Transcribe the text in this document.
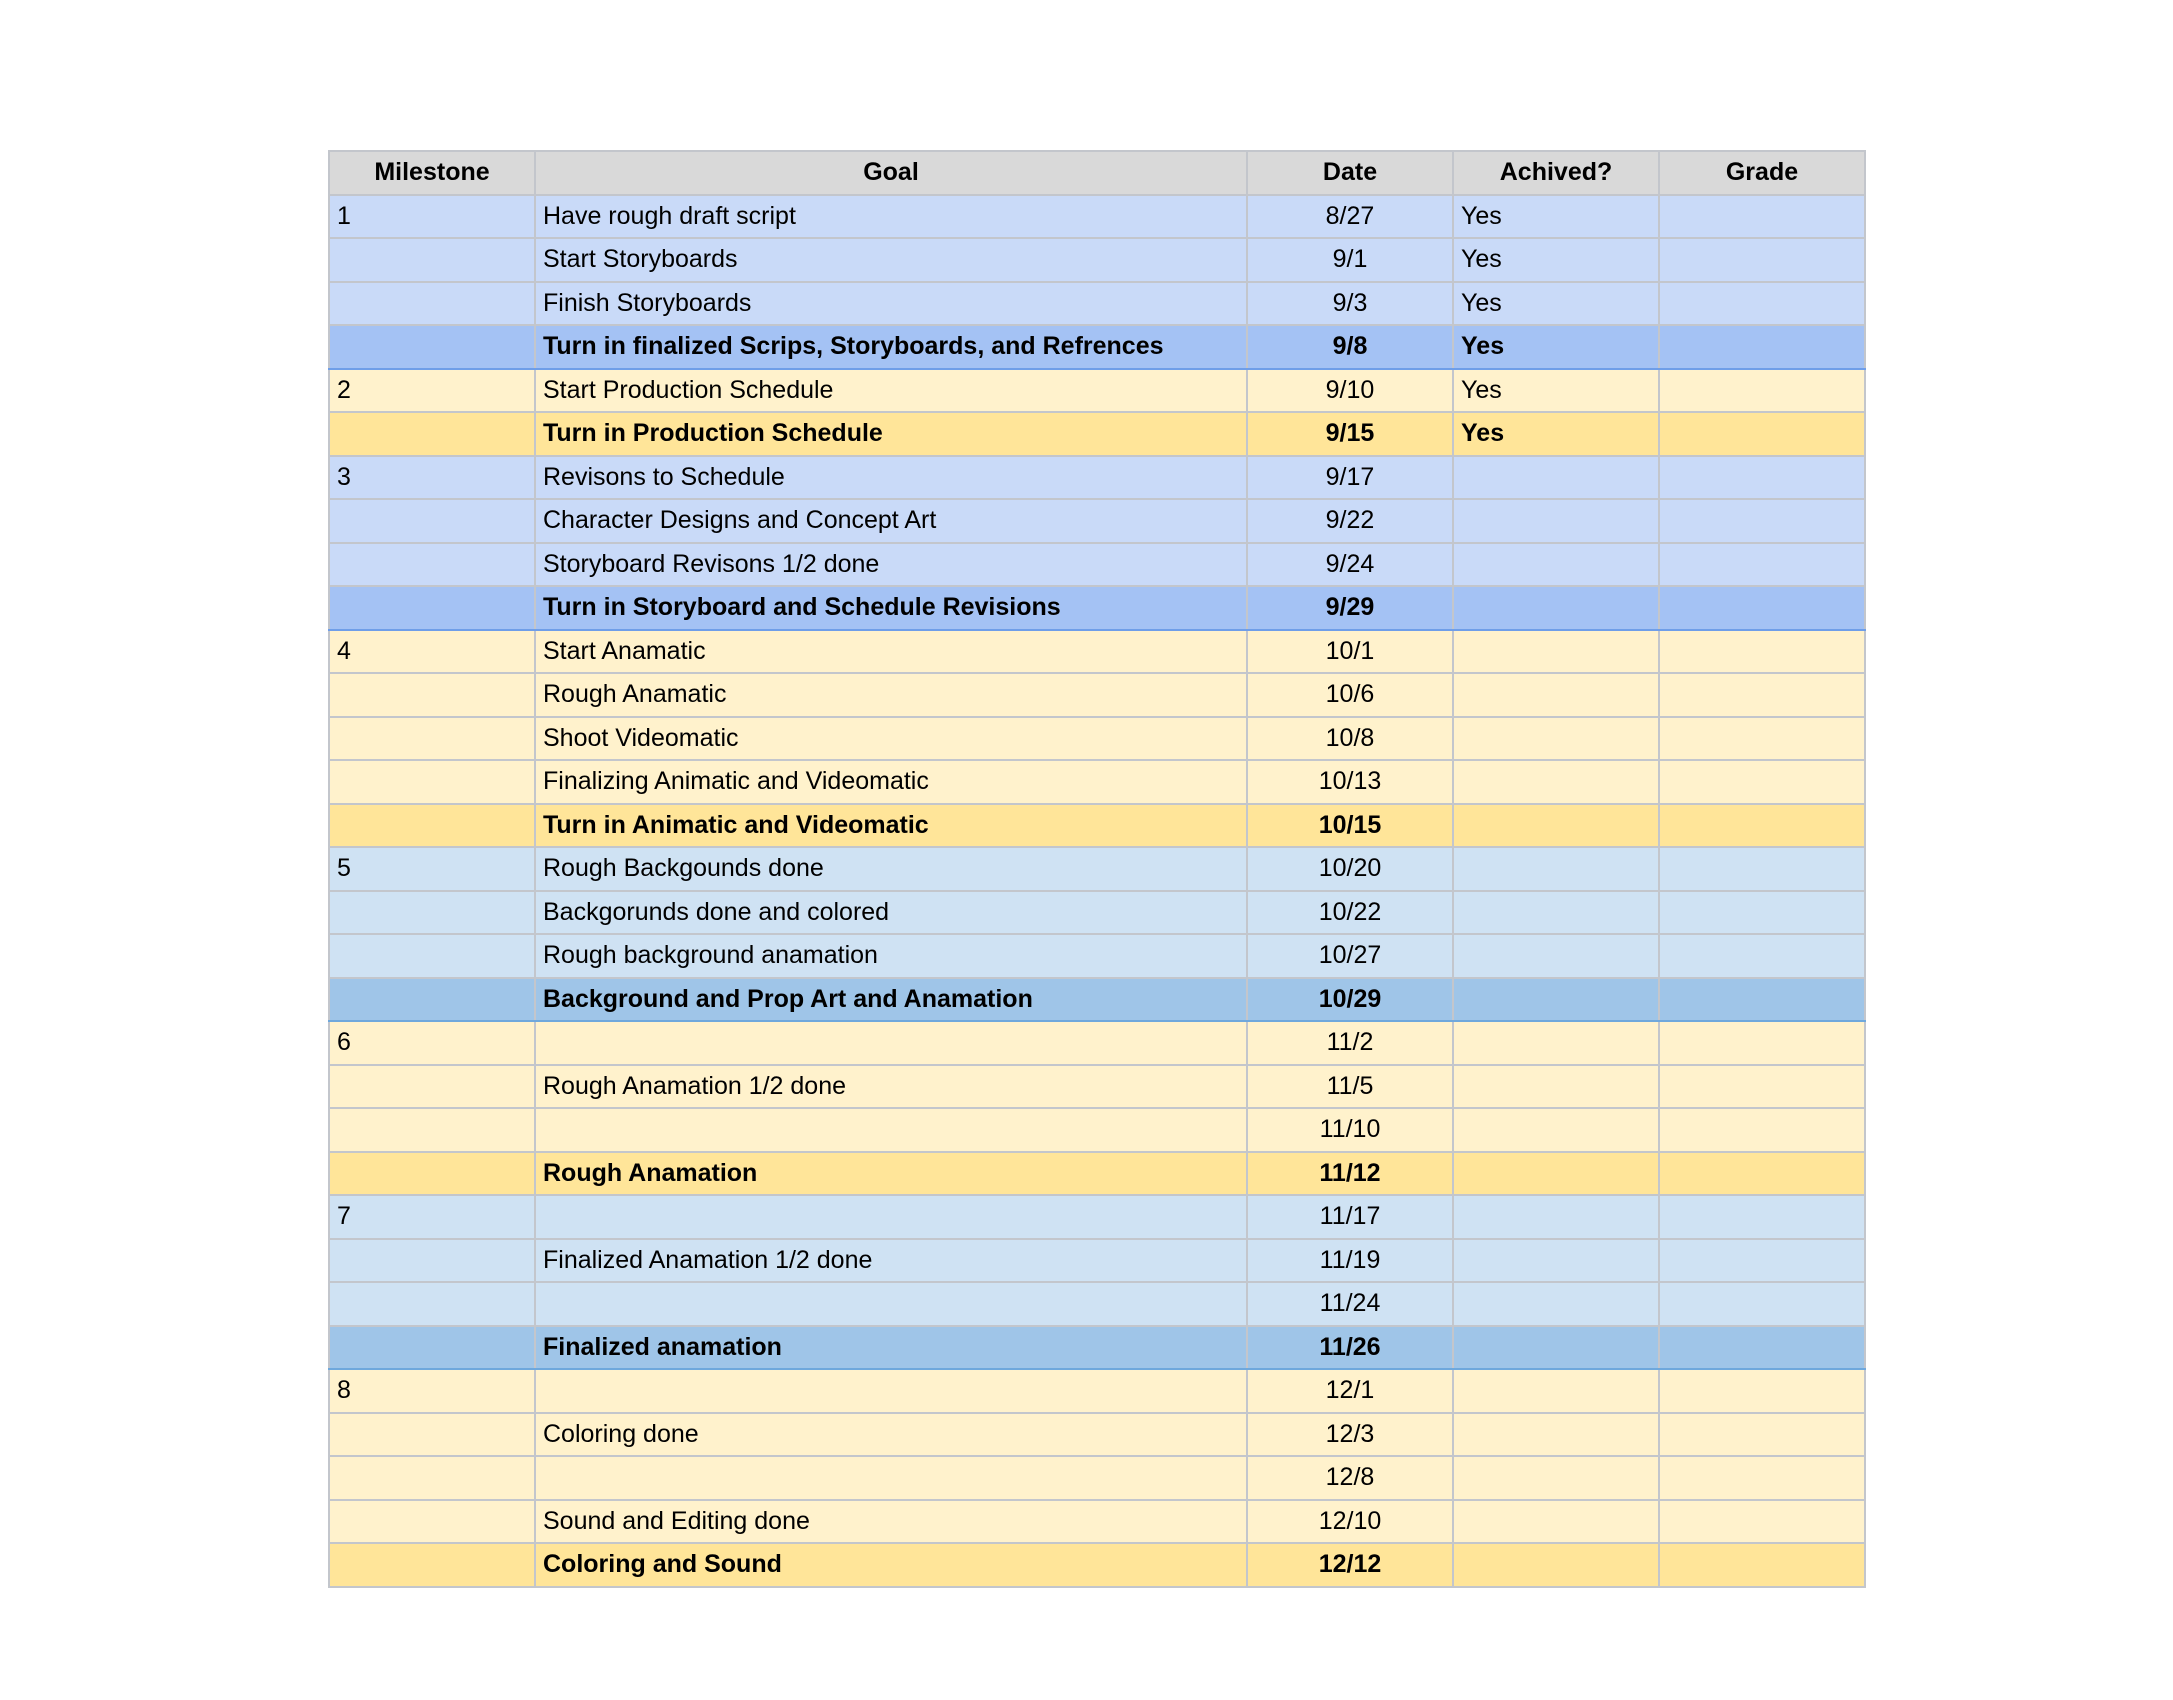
Milestone	Goal	Date	Achived?	Grade
1	Have rough draft script	8/27	Yes	
	Start Storyboards	9/1	Yes	
	Finish Storyboards	9/3	Yes	
	Turn in finalized Scrips, Storyboards, and Refrences	9/8	Yes	
2	Start Production Schedule	9/10	Yes	
	Turn in Production Schedule	9/15	Yes	
3	Revisons to Schedule	9/17		
	Character Designs and Concept Art	9/22		
	Storyboard Revisons 1/2 done	9/24		
	Turn in Storyboard and Schedule Revisions	9/29		
4	Start Anamatic	10/1		
	Rough Anamatic	10/6		
	Shoot Videomatic	10/8		
	Finalizing Animatic and Videomatic	10/13		
	Turn in Animatic and Videomatic	10/15		
5	Rough Backgounds done	10/20		
	Backgorunds done and colored	10/22		
	Rough background anamation	10/27		
	Background and Prop Art and Anamation	10/29		
6		11/2		
	Rough Anamation 1/2 done	11/5		
		11/10		
	Rough Anamation	11/12		
7		11/17		
	Finalized Anamation 1/2 done	11/19		
		11/24		
	Finalized anamation	11/26		
8		12/1		
	Coloring done	12/3		
		12/8		
	Sound and Editing done	12/10		
	Coloring and Sound	12/12		
